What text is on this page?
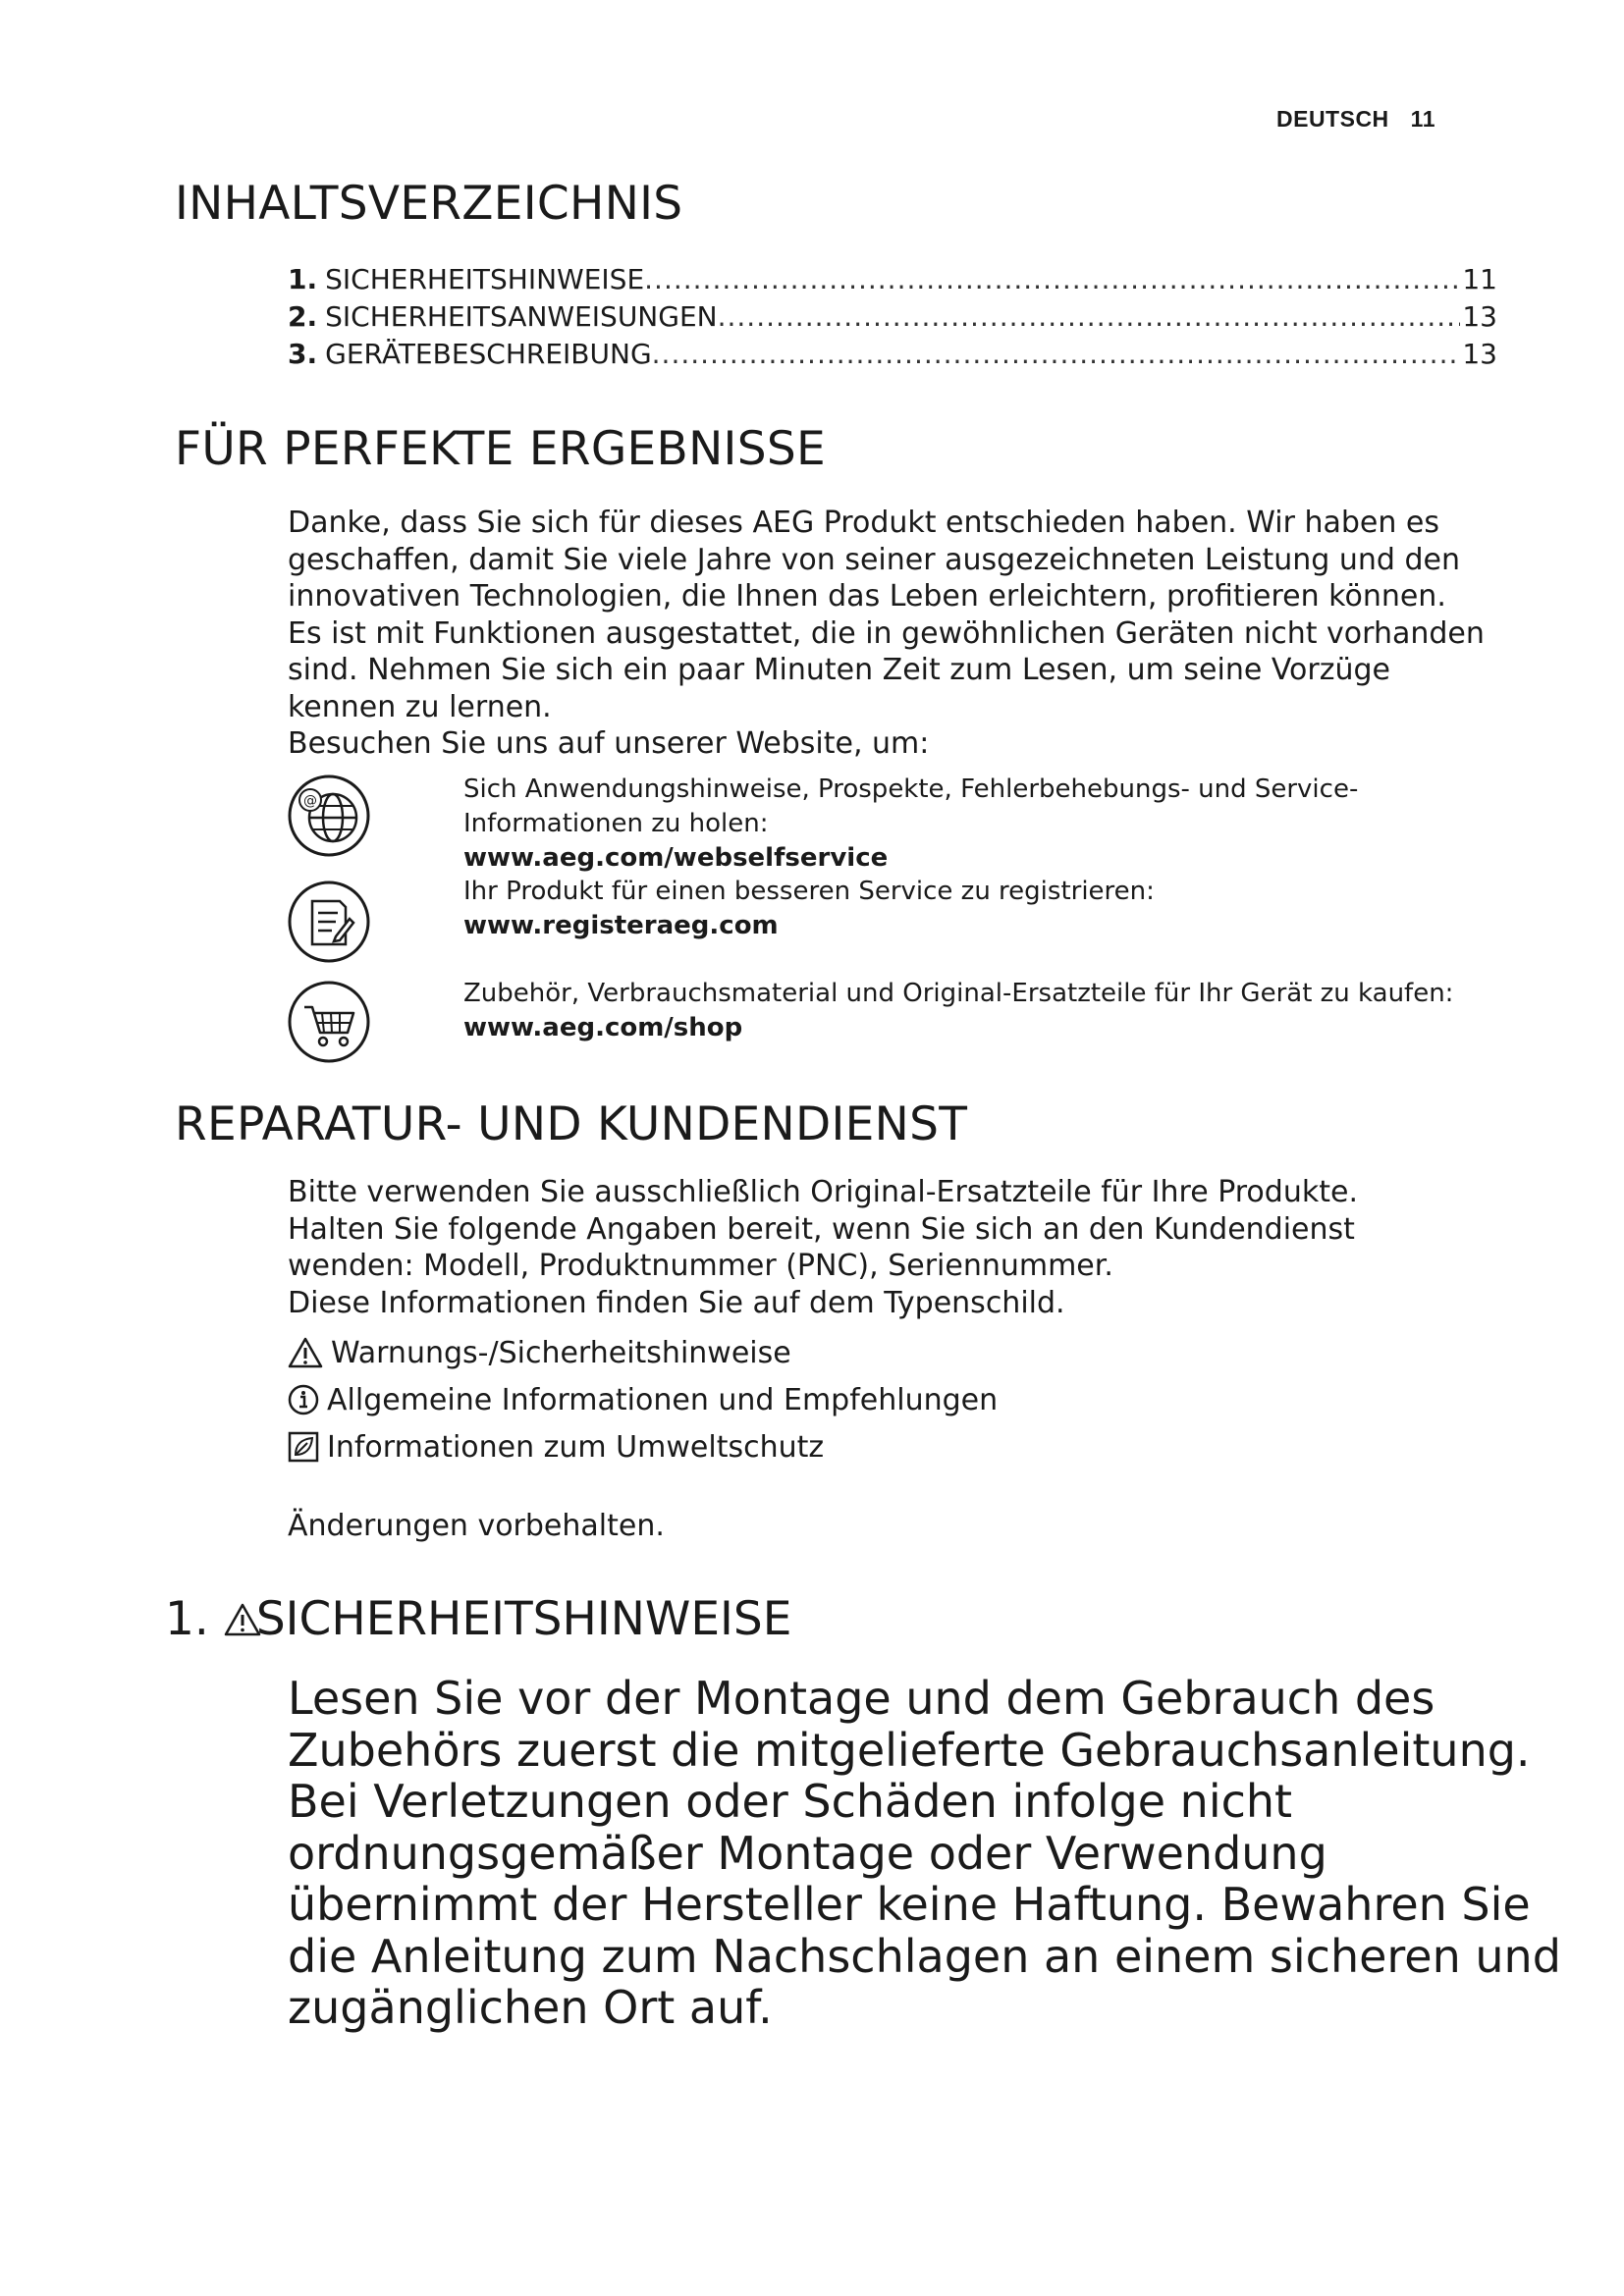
DEUTSCH 11
INHALTSVERZEICHNIS
1. SICHERHEITSHINWEISE .....	11
2. SICHERHEITSANWEISUNGEN .....	13
3. GERÄTEBESCHREIBUNG .....	13
FÜR PERFEKTE ERGEBNISSE

Danke, dass Sie sich für dieses AEG Produkt entschieden haben. Wir haben es

geschaffen, damit Sie viele Jahre von seiner ausgezeichneten Leistung und den

innovativen Technologien, die Ihnen das Leben erleichtern, profitieren können.

Es ist mit Funktionen ausgestattet, die in gewöhnlichen Geräten nicht vorhanden

sind. Nehmen Sie sich ein paar Minuten Zeit zum Lesen, um seine Vorzüge

kennen zu lernen.

Besuchen Sie uns auf unserer Website, um:

@	Sich Anwendungshinweise, Prospekte, Fehlerbehebungs- und Service-
Informationen zu holen:
www.aeg.com/webselfservice
Ihr Produkt für einen besseren Service zu registrieren:
www.registeraeg.com
Zubehör, Verbrauchsmaterial und Original-Ersatzteile für Ihr Gerät zu kaufen:
www.aeg.com/shop
REPARATUR- UND KUNDENDIENST

Bitte verwenden Sie ausschließlich Original-Ersatzteile für Ihre Produkte.

Halten Sie folgende Angaben bereit, wenn Sie sich an den Kundendienst

wenden: Modell, Produktnummer (PNC), Seriennummer.

Diese Informationen finden Sie auf dem Typenschild.

Warnungs-/Sicherheitshinweise
Allgemeine Informationen und Empfehlungen
Informationen zum Umweltschutz

Änderungen vorbehalten.

1. SICHERHEITSHINWEISE

Lesen Sie vor der Montage und dem Gebrauch des

Zubehörs zuerst die mitgelieferte Gebrauchsanleitung.

Bei Verletzungen oder Schäden infolge nicht

ordnungsgemäßer Montage oder Verwendung

übernimmt der Hersteller keine Haftung. Bewahren Sie

die Anleitung zum Nachschlagen an einem sicheren und

zugänglichen Ort auf.
